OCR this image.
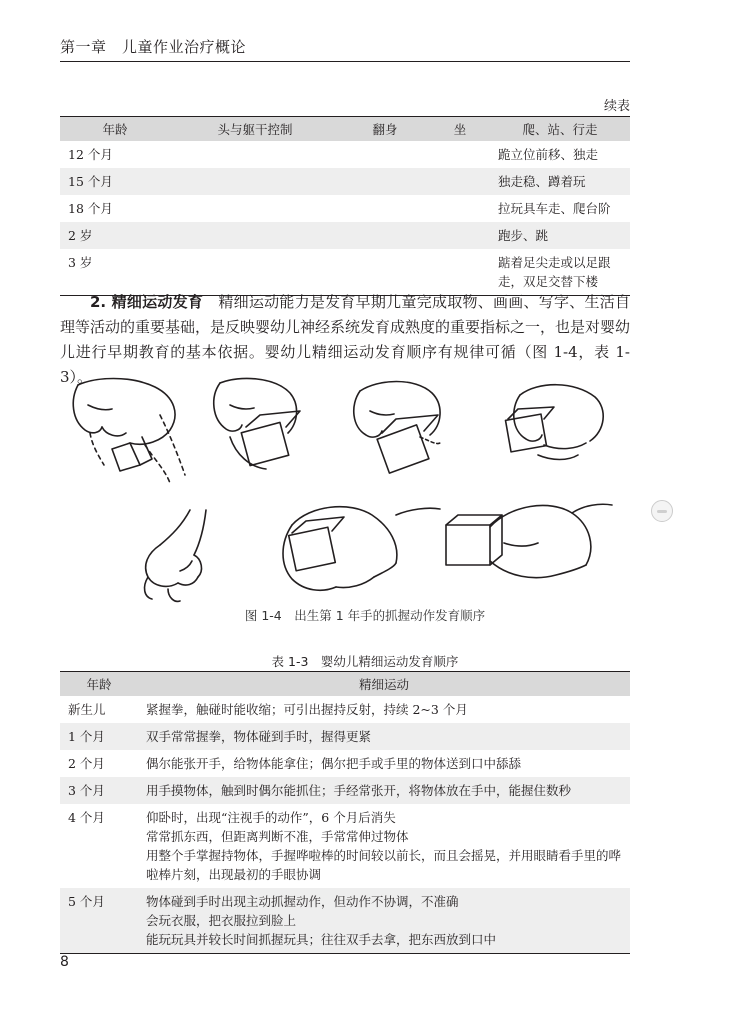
第一章　儿童作业治疗概论
续表
年龄	头与躯干控制	翻身	坐	爬、站、行走
12 个月				跪立位前移、独走
15 个月				独走稳、蹲着玩
18 个月				拉玩具车走、爬台阶
2 岁				跑步、跳
3 岁				踮着足尖走或以足跟走，双足交替下楼
2. 精细运动发育 精细运动能力是发育早期儿童完成取物、画画、写字、生活自理等活动的重要基础，是反映婴幼儿神经系统发育成熟度的重要指标之一，也是对婴幼儿进行早期教育的基本依据。婴幼儿精细运动发育顺序有规律可循（图 1-4，表 1-3）。
图 1-4　出生第 1 年手的抓握动作发育顺序
表 1-3　婴幼儿精细运动发育顺序
年龄	精细运动
新生儿	紧握拳，触碰时能收缩；可引出握持反射，持续 2~3 个月

1 个月	双手常常握拳，物体碰到手时，握得更紧

2 个月	偶尔能张开手，给物体能拿住；偶尔把手或手里的物体送到口中舔舔

3 个月	用手摸物体，触到时偶尔能抓住；手经常张开，将物体放在手中，能握住数秒

4 个月	仰卧时，出现“注视手的动作”，6 个月后消失
常常抓东西，但距离判断不准，手常常伸过物体
用整个手掌握持物体，手握哗啦棒的时间较以前长，而且会摇晃，并用眼睛看手里的哗啦棒片刻，出现最初的手眼协调

5 个月	物体碰到手时出现主动抓握动作，但动作不协调，不准确
会玩衣服，把衣服拉到脸上
能玩玩具并较长时间抓握玩具；往往双手去拿，把东西放到口中
8
